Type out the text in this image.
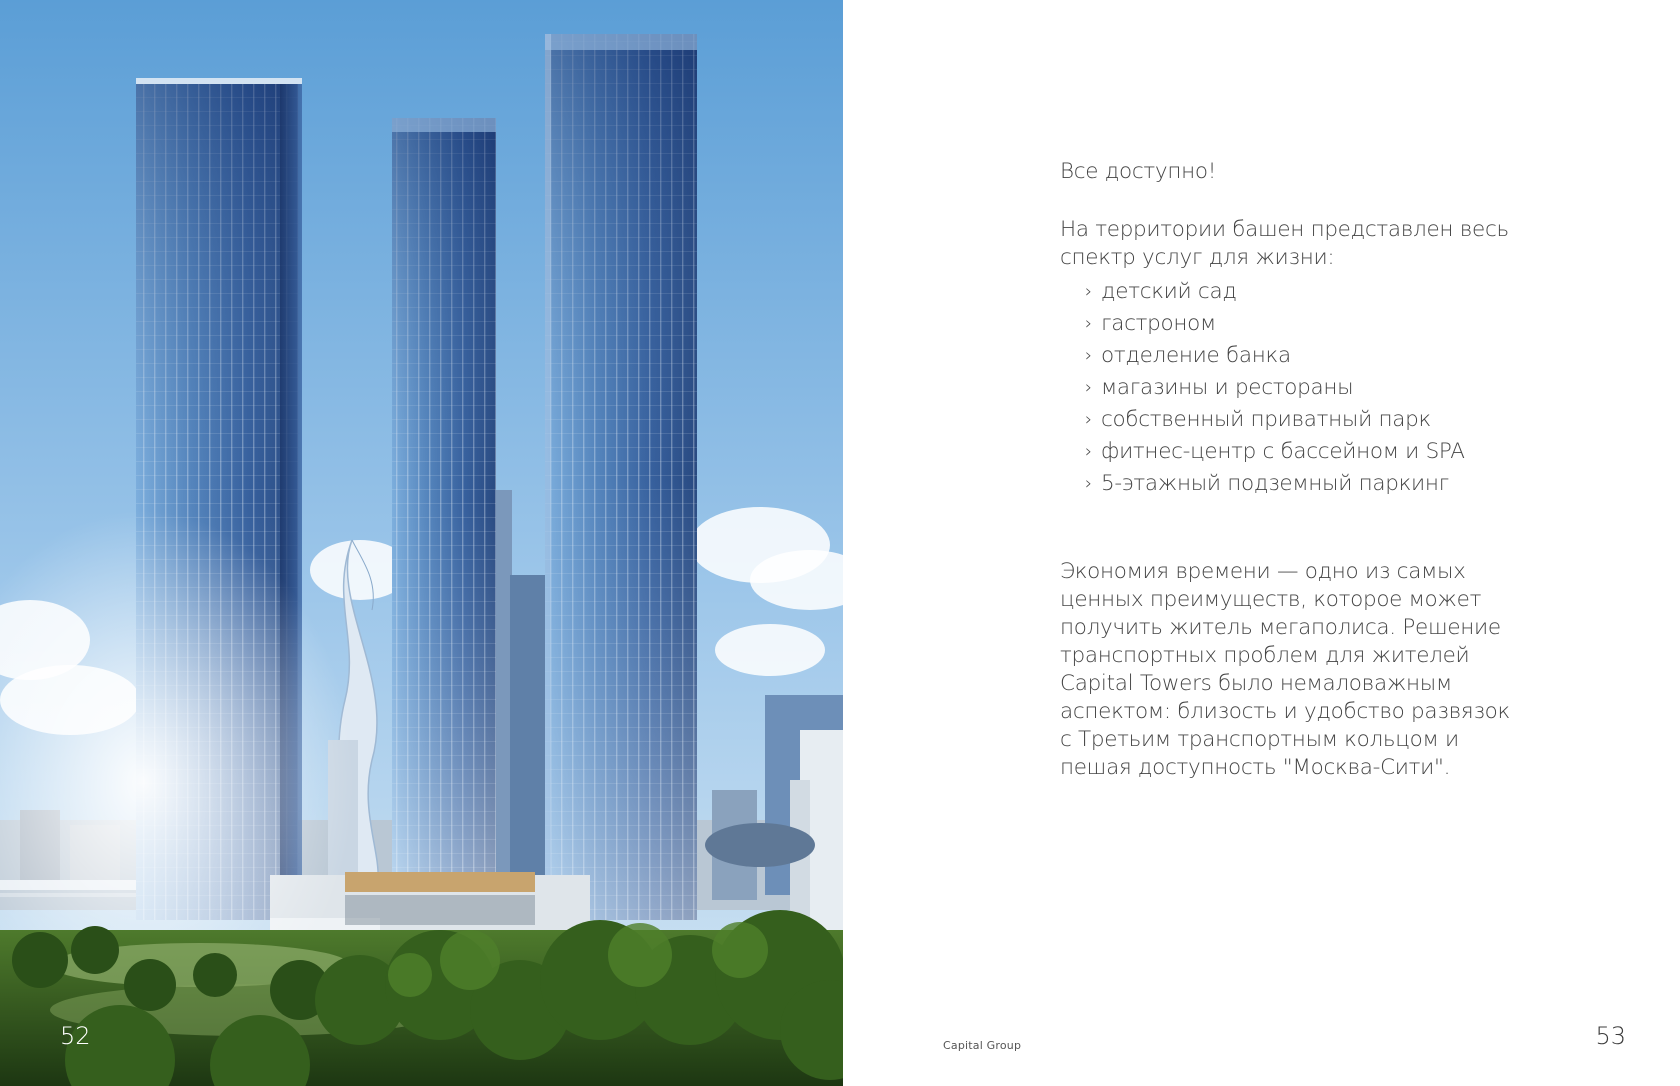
52

Все доступно!

На территории башен представлен весь спектр услуг для жизни:

› детский сад
› гастроном
› отделение банка
› магазины и рестораны
› собственный приватный парк
› фитнес-центр с бассейном и SPA
› 5-этажный подземный паркинг

Экономия времени — одно из самых ценных преимуществ, которое может получить житель мегаполиса. Решение транспортных проблем для жителей Capital Towers было немаловажным аспектом: близость и удобство развязок с Третьим транспортным кольцом и пешая доступность "Москва-Сити".

Capital Group	53
